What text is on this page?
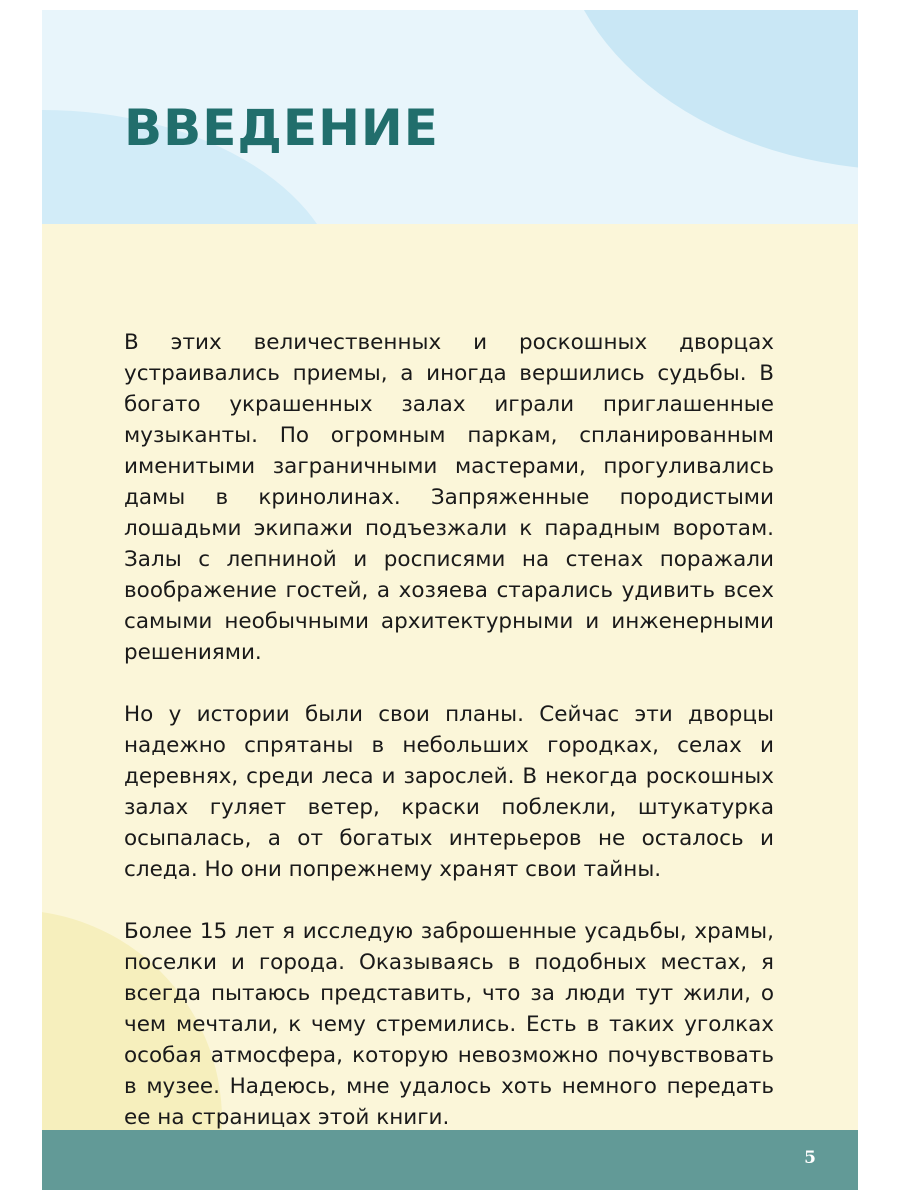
ВВЕДЕНИЕ

В этих величественных и роскошных дворцах устраивались приемы, а иногда вершились судьбы. В богато украшенных залах играли приглашенные музыканты. По огромным паркам, спланированным именитыми заграничными мастерами, прогуливались дамы в кринолинах. Запряженные породистыми лошадьми экипажи подъезжали к парадным воротам. Залы с лепниной и росписями на стенах поражали воображение гостей, а хозяева старались удивить всех самыми необычными архитектурными и инженерными решениями.

Но у истории были свои планы. Сейчас эти дворцы надежно спрятаны в небольших городках, селах и деревнях, среди леса и зарослей. В некогда роскошных залах гуляет ветер, краски поблекли, штукатурка осыпалась, а от богатых интерьеров не осталось и следа. Но они попрежнему хранят свои тайны.

Более 15 лет я исследую заброшенные усадьбы, храмы, поселки и города. Оказываясь в подобных местах, я всегда пытаюсь представить, что за люди тут жили, о чем мечтали, к чему стремились. Есть в таких уголках особая атмосфера, которую невозможно почувствовать в музее. Надеюсь, мне удалось хоть немного передать ее на страницах этой книги.

5
